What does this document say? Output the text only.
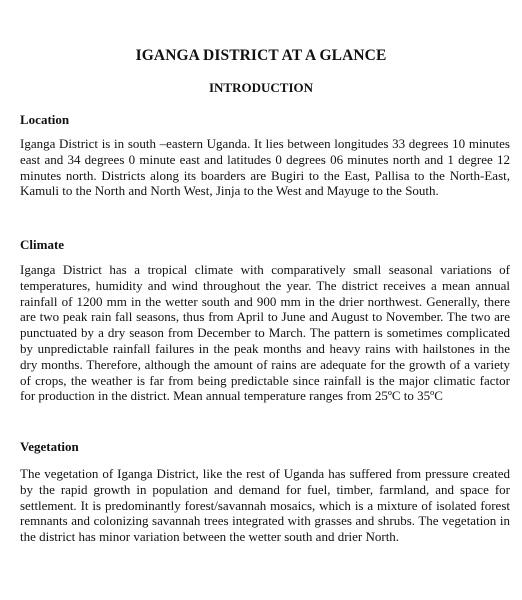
IGANGA DISTRICT AT A GLANCE
INTRODUCTION
Location
Iganga District is in south –eastern Uganda. It lies between longitudes 33 degrees 10 minutes east and 34 degrees 0 minute east and latitudes 0 degrees 06 minutes north and 1 degree 12 minutes north. Districts along its boarders are Bugiri to the East, Pallisa to the North-East, Kamuli to the North and North West, Jinja to the West and Mayuge to the South.
Climate
Iganga District has a tropical climate with comparatively small seasonal variations of temperatures, humidity and wind throughout the year. The district receives a mean annual rainfall of 1200 mm in the wetter south and 900 mm in the drier northwest. Generally, there are two peak rain fall seasons, thus from April to June and August to November. The two are punctuated by a dry season from December to March. The pattern is sometimes complicated by unpredictable rainfall failures in the peak months and heavy rains with hailstones in the dry months. Therefore, although the amount of rains are adequate for the growth of a variety of crops, the weather is far from being predictable since rainfall is the major climatic factor for production in the district. Mean annual temperature ranges from 25ºC to 35ºC
Vegetation
The vegetation of Iganga District, like the rest of Uganda has suffered from pressure created by the rapid growth in population and demand for fuel, timber, farmland, and space for settlement. It is predominantly forest/savannah mosaics, which is a mixture of isolated forest remnants and colonizing savannah trees integrated with grasses and shrubs. The vegetation in the district has minor variation between the wetter south and drier North.
